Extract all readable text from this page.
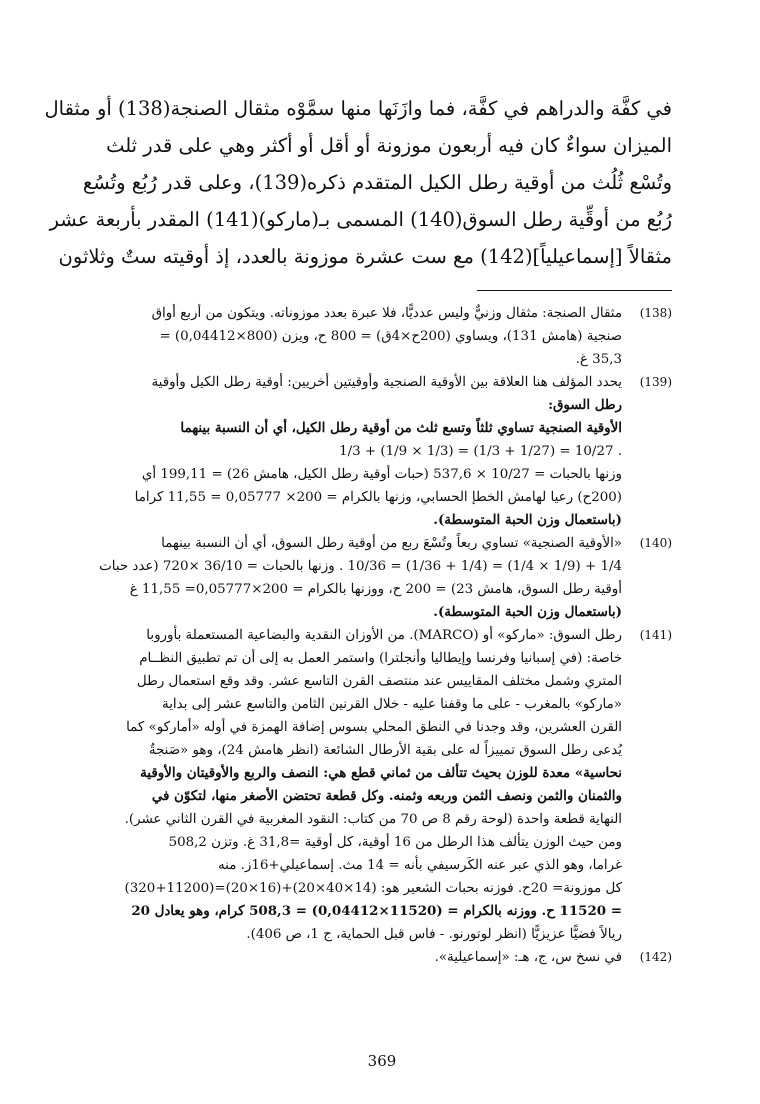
في كفَّة والدراهم في كفَّة، فما وازَنَها منها سمَّوْه مثقال الصنجة(138) أو مثقال

الميزان سواءٌ كان فيه أربعون موزونة أو أقل أو أكثر وهي على قدر ثلث

وتُسْع ثُلُث من أوقية رطل الكيل المتقدم ذكره(139)، وعلى قدر رُبُع وتُسُع

رُبُع من أوقِّية رطل السوق(140) المسمى بـ(ماركو)(141) المقدر بأربعة عشر

مثقالاً [إسماعيلياً](142) مع ست عشرة موزونة بالعدد، إذ أوقيته ستٌ وثلاثون

(138)
مثقال الصنجة: مثقال وزنيٌّ وليس عدديًّا، فلا عبرة بعدد موزوناته. ويتكون من أربع أواق
صنجية (هامش 131)، ويساوي (200ح×4ق) = 800 ح، ويزن (800×0,04412) =
35,3 غ.
(139)
يحدد المؤلف هنا العلاقة بين الأوقية الصنجية وأوقيتين أخريين: أوقية رطل الكيل وأوقية
رطل السوق:
الأوقية الصنجية تساوي ثلثاً وتسع ثلث من أوقية رطل الكيل، أي أن النسبة بينهما
1/3 + (1/9 × 1/3) = (1/3 + 1/27) = 10/27 .
وزنها بالحبات = 10/27 × 537,6 (حبات أوقية رطل الكيل، هامش 26) = 199,11 أي
(200ح) رعيا لهامش الخطإ الحسابي، وزنها بالكرام = 200× 0,05777 = 11,55 كراما
(باستعمال وزن الحبة المتوسطة).
(140)
«الأوقية الصنجية» تساوي ربعاً وتُسْعَ ربع من أوقية رطل السوق، أي أن النسبة بينهما
1/4 + (1/9 × 1/4) = (1/4 + 1/36) = 10/36 . وزنها بالحبات = 36/10 ×720 (عدد حبات
أوقية رطل السوق، هامش 23) = 200 ح، ووزنها بالكرام = 200×0,05777= 11,55 غ
(باستعمال وزن الحبة المتوسطة).
(141)
رطل السوق: «ماركو» أو (MARCO). من الأوزان النقدية والبضاعية المستعملة بأوروبا
خاصة: (في إسبانيا وفرنسا وإيطاليا وأنجلترا) واستمر العمل به إلى أن تم تطبيق النظــام
المتري وشمل مختلف المقاييس عند منتصف القرن التاسع عشر. وقد وقع استعمال رطل
«ماركو» بالمغرب - على ما وقفنا عليه - خلال القرنين الثامن والتاسع عشر إلى بداية
القرن العشرين، وقد وجدنا في النطق المحلي بسوس إضافة الهمزة في أوله «أماركو» كما
يُدعى رطل السوق تمييزاً له على بقية الأرطال الشائعة (انظر هامش 24)، وهو «صَنجةٌ
نحاسية» معدة للوزن بحيث تتألف من ثماني قطع هي: النصف والربع والأوقيتان والأوقية
والثمنان والثمن ونصف الثمن وربعه وثمنه. وكل قطعة تحتضن الأصغر منها، لتكوّن في
النهاية قطعة واحدة (لوحة رقم 8 ص 70 من كتاب: النقود المغربية في القرن الثاني عشر).
ومن حيث الوزن يتألف هذا الرطل من 16 أوقية، كل أوقية =31,8 غ. وتزن 508,2
غراما، وهو الذي عبر عنه الكَرسيفي بأنه = 14 مث. إسماعيلي+16ز. منه
كل موزونة= 20ح. فوزنه بحبات الشعير هو: (14×40×20)+(16×20)=(11200+320)
= 11520 ح. ووزنه بالكرام = (11520×0,04412) = 508,3 كرام، وهو يعادل 20
ريالاً فضيًّا عزيزيًّا (انظر لوتورنو. - فاس قبل الحماية، ج 1، ص 406).
(142)
في نسخ س، ج، هـ: «إسماعيلية».
369
